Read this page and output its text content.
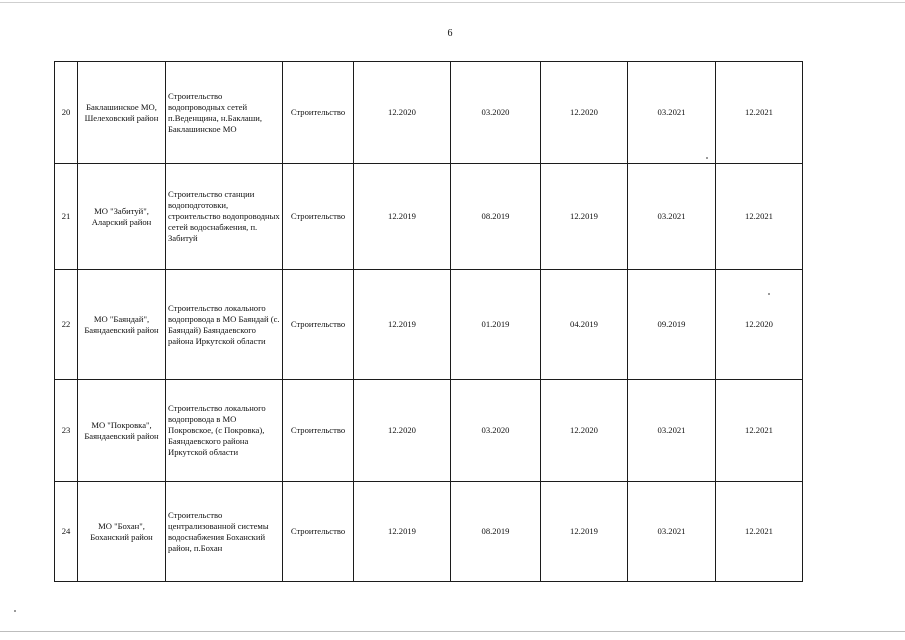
6
20	Баклашинское МО, Шелеховский район	Строительство водопроводных сетей п.Веденщина, н.Баклаши, Баклашинское МО	Строительство	12.2020	03.2020	12.2020	03.2021	12.2021
21	МО "Забитуй", Аларский район	Строительство станции водоподготовки, строительство водопроводных сетей водоснабжения, п. Забитуй	Строительство	12.2019	08.2019	12.2019	03.2021	12.2021
22	МО "Баяндай", Баяндаевский район	Строительство локального водопровода в МО Баяндай (с. Баяндай) Баяндаевского района Иркутской области	Строительство	12.2019	01.2019	04.2019	09.2019	12.2020
23	МО "Покровка", Баяндаевский район	Строительство локального водопровода в МО Покровское, (с Покровка), Баяндаевского района Иркутской области	Строительство	12.2020	03.2020	12.2020	03.2021	12.2021
24	МО "Бохан", Боханский район	Строительство централизованной системы водоснабжения Боханский район, п.Бохан	Строительство	12.2019	08.2019	12.2019	03.2021	12.2021
